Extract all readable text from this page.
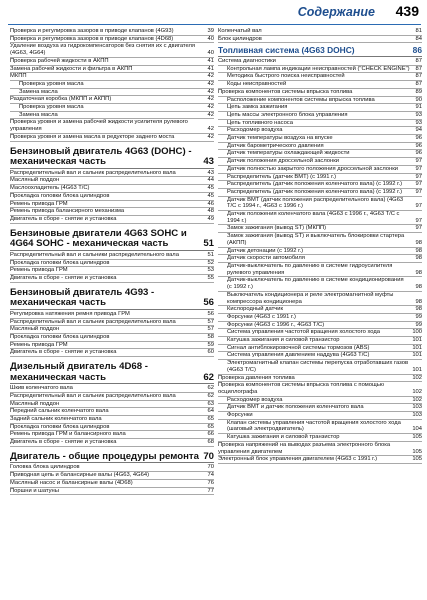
Содержание 439
Проверка и регулировка зазоров в приводе клапанов (4G93)	39
Проверка и регулировка зазоров в приводе клапанов (4D68)	40
Удаление воздуха из гидрокомпенсаторов без снятия их с двигателя (4G63, 4G64)	40
Проверка рабочей жидкости в АКПП	41
Замена рабочей жидкости и фильтра в АКПП	41
МКПП	42
Проверка уровня масла	42
Замена масла	42
Раздаточная коробка (МКПП и АКПП)	42
Проверка уровня масла	42
Замена масла	42
Проверка уровня и замена рабочей жидкости усилителя рулевого управления	42
Проверка уровня и замена масла в редукторе заднего моста	42
Бензиновый двигатель 4G63 (DOHC) - механическая часть	43
Распределительный вал и сальник распределительного вала	43
Масляный поддон	44
Маслоохладитель (4G63 T/C)	45
Прокладка головки блока цилиндров	45
Ремень привода ГРМ	46
Ремень привода балансирного механизма	48
Двигатель в сборе - снятие и установка	49
Бензиновые двигатели 4G63 SOHC и 4G64 SOHC - механическая часть	51
Распределительный вал и сальники распределительного вала	51
Прокладка головки блока цилиндров	52
Ремень привода ГРМ	53
Двигатель в сборе - снятие и установка	55
Бензиновый двигатель 4G93 - механическая часть	56
Регулировка натяжения ремня привода ГРМ	56
Распределительный вал и сальник распределительного вала	57
Масляный поддон	57
Прокладка головки блока цилиндров	58
Ремень привода ГРМ	59
Двигатель в сборе - снятие и установка	60
Дизельный двигатель 4D68 - механическая часть	62
Шкив коленчатого вала	62
Распределительный вал и сальник распределительного вала	62
Масляный поддон	63
Передний сальник коленчатого вала	64
Задний сальник коленчатого вала	65
Прокладка головки блока цилиндров	65
Ремень привода ГРМ и балансирного вала	66
Двигатель в сборе - снятие и установка	68
Двигатель - общие процедуры ремонта 70
Головка блока цилиндров	70
Приводная цепь и балансирные валы (4G63, 4G64)	74
Масляный насос и балансирные валы (4D68)	76
Поршни и шатуны	77
Коленчатый вал	81
Блок цилиндров	84
Топливная система (4G63 DOHC)	86
Система диагностики	87
Контрольная лампа индикации неисправностей ("CHECK ENGINE") 87
Методика быстрого поиска неисправностей	87
Коды неисправностей	87
Проверка компонентов системы впрыска топлива	89
Расположение компонентов системы впрыска топлива	90
Цепь замка зажигания	91
Цепь массы электронного блока управления	93
Цепь топливного насоса	93
Расходомер воздуха	94
Датчик температуры воздуха на впуске	96
Датчик барометрического давления	96
Датчик температуры охлаждающей жидкости	96
Датчик положения дроссельной заслонки	97
Датчик полностью закрытого положения дроссельной заслонки	97
Распределитель (датчик ВМТ) (с 1991 г.)	97
Распределитель (датчик положения коленчатого вала) (с 1992 г.) 97
Распределитель (датчик положения коленчатого вала) (с 1992 г.) 97
Датчик ВМТ (датчик положения распределительного вала) (4G63 T/C с 1994 г., 4G63 с 1996 г.)	97
Датчик положения коленчатого вала (4G63 с 1996 г., 4G63 T/C с 1994 г.)	97
Замок зажигания (вывод ST) (МКПП)	97
Замок зажигания (вывод ST) и выключатель блокировки стартера (АКПП)	98
Датчик детонации (с 1992 г.)	98
Датчик скорости автомобиля	98
Датчик-выключатель по давлению в системе гидроусилителя рулевого управления	98
Датчик-выключатель по давлению в системе кондиционирования (с 1992 г.)	98
Выключатель кондиционера и реле электромагнитной муфты компрессора кондиционера	98
Кислородный датчик	98
Форсунки (4G63 с 1991 г.)	99
Форсунки (4G63 с 1996 г., 4G63 T/C)	99
Система управления частотой вращения холостого хода	100
Катушка зажигания и силовой транзистор	101
Сигнал антиблокировочной системы тормозов (ABS)	101
Система управления давлением наддува (4G63 T/C)	101
Электромагнитный клапан системы перепуска отработавших газов (4G63 T/C)	101
Проверка давления топлива	102
Проверка компонентов системы впрыска топлива с помощью осциллографа	102
Расходомер воздуха	102
Датчик ВМТ и датчик положения коленчатого вала	103
Форсунки	103
Клапан системы управления частотой вращения холостого хода (шаговый электродвигатель)	104
Катушка зажигания и силовой транзистор	105
Проверка напряжений на выводах разъема электронного блока управления двигателем	105
Электронный блок управления двигателем (4G63 с 1991 г.)	105
